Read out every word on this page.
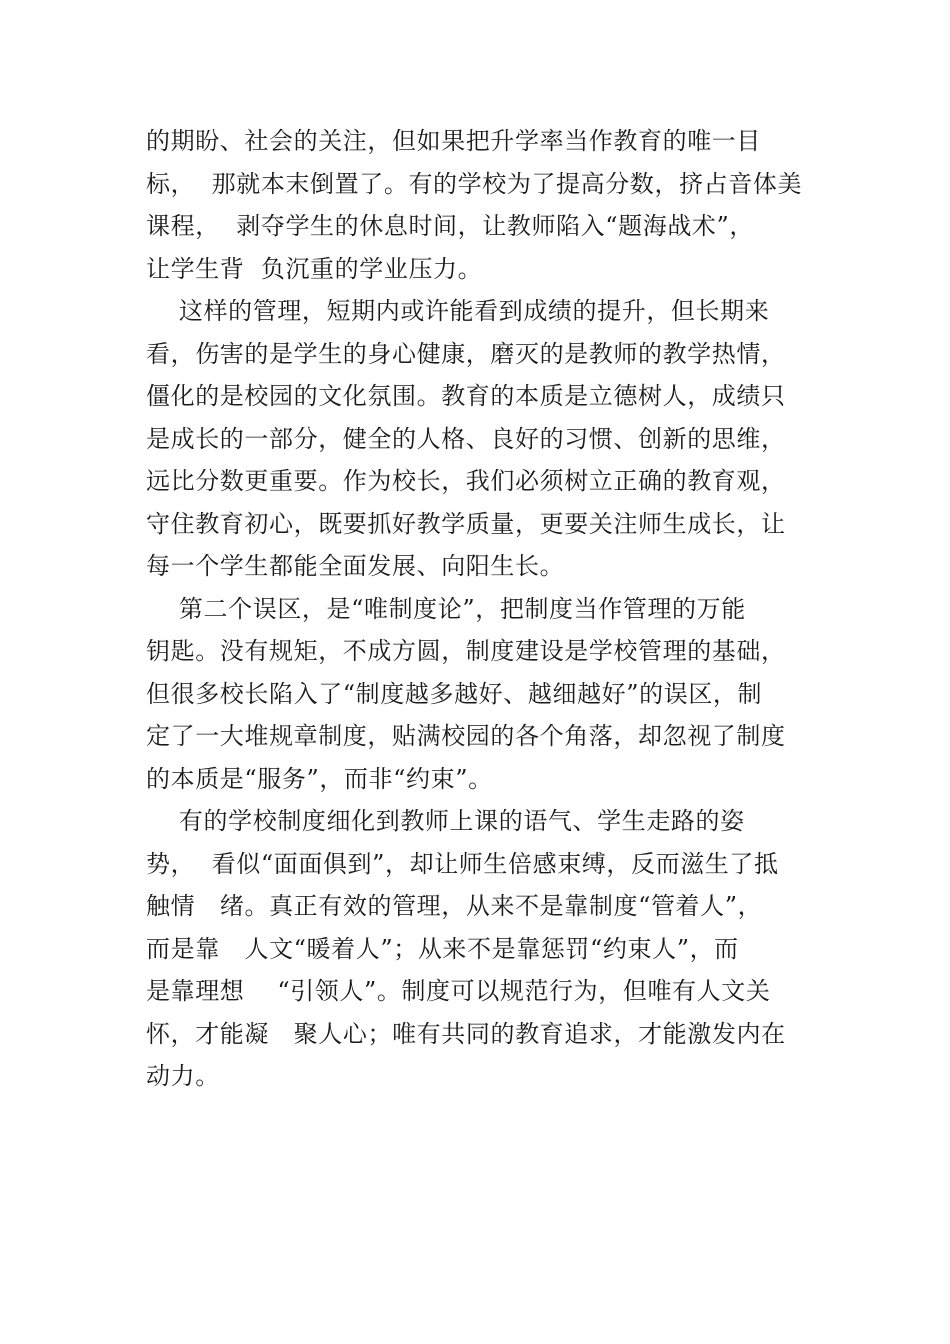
的期盼、社会的关注，但如果把升学率当作教育的唯一目
标，  那就本末倒置了。有的学校为了提高分数，挤占音体美
课程，  剥夺学生的休息时间，让教师陷入“题海战术”，
让学生背  负沉重的学业压力。
这样的管理，短期内或许能看到成绩的提升，但长期来
看，伤害的是学生的身心健康，磨灭的是教师的教学热情，
僵化的是校园的文化氛围。教育的本质是立德树人，成绩只
是成长的一部分，健全的人格、良好的习惯、创新的思维，
远比分数更重要。作为校长，我们必须树立正确的教育观，
守住教育初心，既要抓好教学质量，更要关注师生成长，让
每一个学生都能全面发展、向阳生长。
第二个误区，是“唯制度论”，把制度当作管理的万能
钥匙。没有规矩，不成方圆，制度建设是学校管理的基础，
但很多校长陷入了“制度越多越好、越细越好”的误区，制
定了一大堆规章制度，贴满校园的各个角落，却忽视了制度
的本质是“服务”，而非“约束”。
有的学校制度细化到教师上课的语气、学生走路的姿
势，  看似“面面俱到”，却让师生倍感束缚，反而滋生了抵
触情   绪。真正有效的管理，从来不是靠制度“管着人”，
而是靠   人文“暖着人”；从来不是靠惩罚“约束人”，而
是靠理想    “引领人”。制度可以规范行为，但唯有人文关
怀，才能凝   聚人心；唯有共同的教育追求，才能激发内在
动力。
